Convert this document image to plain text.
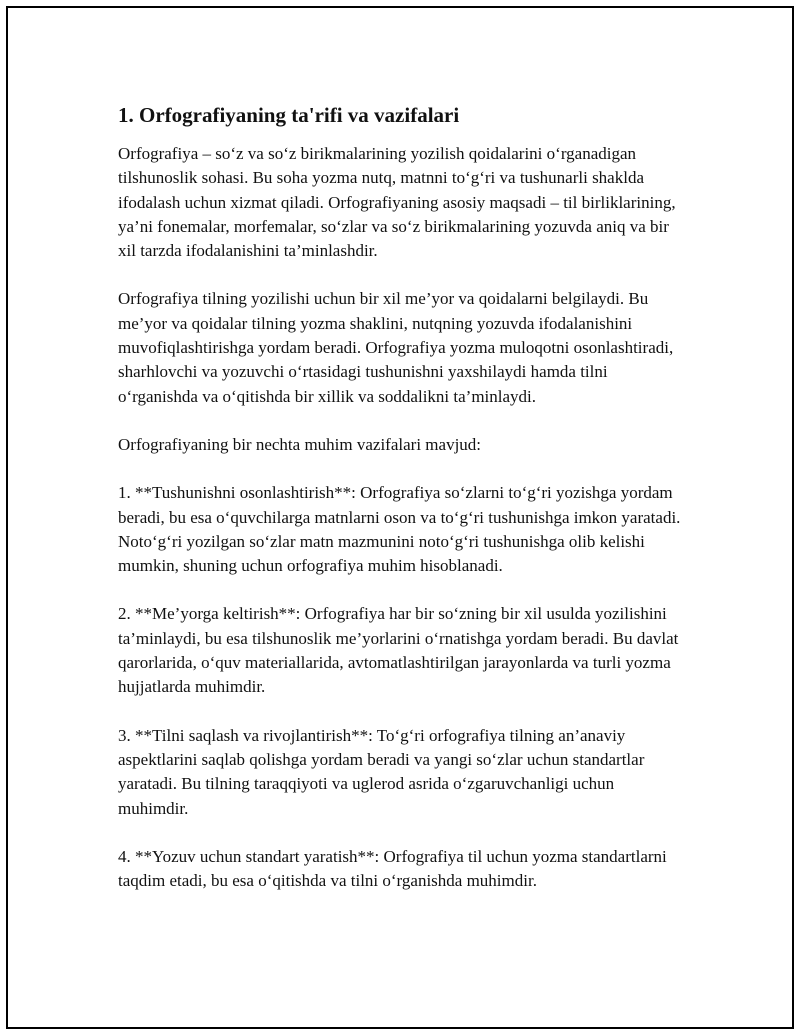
1. Orfografiyaning ta'rifi va vazifalari

Orfografiya – so‘z va so‘z birikmalarining yozilish qoidalarini o‘rganadigan tilshunoslik sohasi. Bu soha yozma nutq, matnni to‘g‘ri va tushunarli shaklda ifodalash uchun xizmat qiladi. Orfografiyaning asosiy maqsadi – til birliklarining, ya’ni fonemalar, morfemalar, so‘zlar va so‘z birikmalarining yozuvda aniq va bir xil tarzda ifodalanishini ta’minlashdir.

Orfografiya tilning yozilishi uchun bir xil me’yor va qoidalarni belgilaydi. Bu me’yor va qoidalar tilning yozma shaklini, nutqning yozuvda ifodalanishini muvofiqlashtirishga yordam beradi. Orfografiya yozma muloqotni osonlashtiradi, sharhlovchi va yozuvchi o‘rtasidagi tushunishni yaxshilaydi hamda tilni o‘rganishda va o‘qitishda bir xillik va soddalikni ta’minlaydi.

Orfografiyaning bir nechta muhim vazifalari mavjud:

1. **Tushunishni osonlashtirish**: Orfografiya so‘zlarni to‘g‘ri yozishga yordam beradi, bu esa o‘quvchilarga matnlarni oson va to‘g‘ri tushunishga imkon yaratadi. Noto‘g‘ri yozilgan so‘zlar matn mazmunini noto‘g‘ri tushunishga olib kelishi mumkin, shuning uchun orfografiya muhim hisoblanadi.

2. **Me’yorga keltirish**: Orfografiya har bir so‘zning bir xil usulda yozilishini ta’minlaydi, bu esa tilshunoslik me’yorlarini o‘rnatishga yordam beradi. Bu davlat qarorlarida, o‘quv materiallarida, avtomatlashtirilgan jarayonlarda va turli yozma hujjatlarda muhimdir.

3. **Tilni saqlash va rivojlantirish**: To‘g‘ri orfografiya tilning an’anaviy aspektlarini saqlab qolishga yordam beradi va yangi so‘zlar uchun standartlar yaratadi. Bu tilning taraqqiyoti va uglerod asrida o‘zgaruvchanligi uchun muhimdir.

4. **Yozuv uchun standart yaratish**: Orfografiya til uchun yozma standartlarni taqdim etadi, bu esa o‘qitishda va tilni o‘rganishda muhimdir.
